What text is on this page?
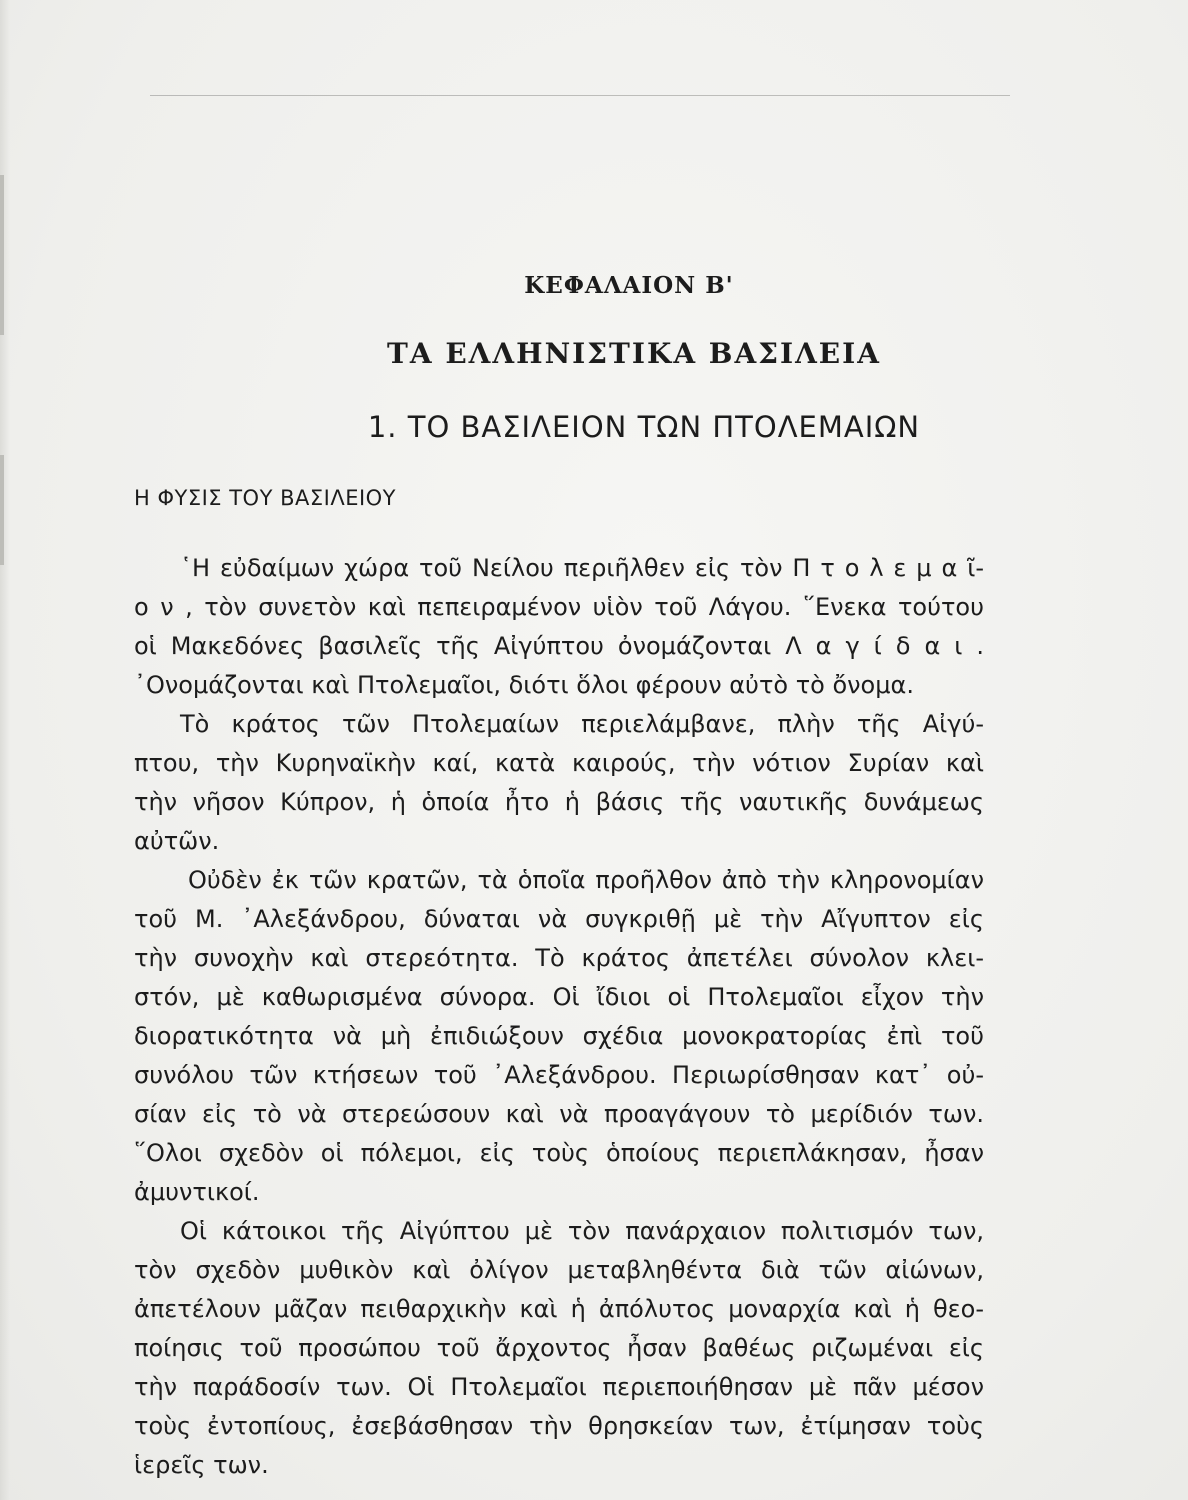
ΚΕΦΑΛΑΙΟΝ Β'
ΤΑ ΕΛΛΗΝΙΣΤΙΚΑ ΒΑΣΙΛΕΙΑ
1. ΤΟ ΒΑΣΙΛΕΙΟΝ ΤΩΝ ΠΤΟΛΕΜΑΙΩΝ
Η ΦΥΣΙΣ ΤΟΥ ΒΑΣΙΛΕΙΟΥ
῾Η εὐδαίμων χώρα τοῦ Νείλου περιῆλθεν εἰς τὸν Π τ ο λ ε μ α ῖ-
ο ν , τὸν συνετὸν καὶ πεπειραμένον υἱὸν τοῦ Λάγου. ῞Ενεκα τούτου
οἱ Μακεδόνες βασιλεῖς τῆς Αἰγύπτου ὀνομάζονται Λ α γ ί δ α ι .
᾿Ονομάζονται καὶ Πτολεμαῖοι, διότι ὅλοι φέρουν αὐτὸ τὸ ὄνομα.
Τὸ κράτος τῶν Πτολεμαίων περιελάμβανε, πλὴν τῆς Αἰγύ-
πτου, τὴν Κυρηναϊκὴν καί, κατὰ καιρούς, τὴν νότιον Συρίαν καὶ
τὴν νῆσον Κύπρον, ἡ ὁποία ἦτο ἡ βάσις τῆς ναυτικῆς δυνάμεως
αὐτῶν.
Οὐδὲν ἐκ τῶν κρατῶν, τὰ ὁποῖα προῆλθον ἀπὸ τὴν κληρονομίαν
τοῦ Μ. ᾿Αλεξάνδρου, δύναται νὰ συγκριθῇ μὲ τὴν Αἴγυπτον εἰς
τὴν συνοχὴν καὶ στερεότητα. Τὸ κράτος ἀπετέλει σύνολον κλει-
στόν, μὲ καθωρισμένα σύνορα. Οἱ ἴδιοι οἱ Πτολεμαῖοι εἶχον τὴν
διορατικότητα νὰ μὴ ἐπιδιώξουν σχέδια μονοκρατορίας ἐπὶ τοῦ
συνόλου τῶν κτήσεων τοῦ ᾿Αλεξάνδρου. Περιωρίσθησαν κατ᾿ οὐ-
σίαν εἰς τὸ νὰ στερεώσουν καὶ νὰ προαγάγουν τὸ μερίδιόν των.
῞Ολοι σχεδὸν οἱ πόλεμοι, εἰς τοὺς ὁποίους περιεπλάκησαν, ἦσαν
ἀμυντικοί.
Οἱ κάτοικοι τῆς Αἰγύπτου μὲ τὸν πανάρχαιον πολιτισμόν των,
τὸν σχεδὸν μυθικὸν καὶ ὀλίγον μεταβληθέντα διὰ τῶν αἰώνων,
ἀπετέλουν μᾶζαν πειθαρχικὴν καὶ ἡ ἀπόλυτος μοναρχία καὶ ἡ θεο-
ποίησις τοῦ προσώπου τοῦ ἄρχοντος ἦσαν βαθέως ριζωμέναι εἰς
τὴν παράδοσίν των. Οἱ Πτολεμαῖοι περιεποιήθησαν μὲ πᾶν μέσον
τοὺς ἐντοπίους, ἐσεβάσθησαν τὴν θρησκείαν των, ἐτίμησαν τοὺς
ἱερεῖς των.
